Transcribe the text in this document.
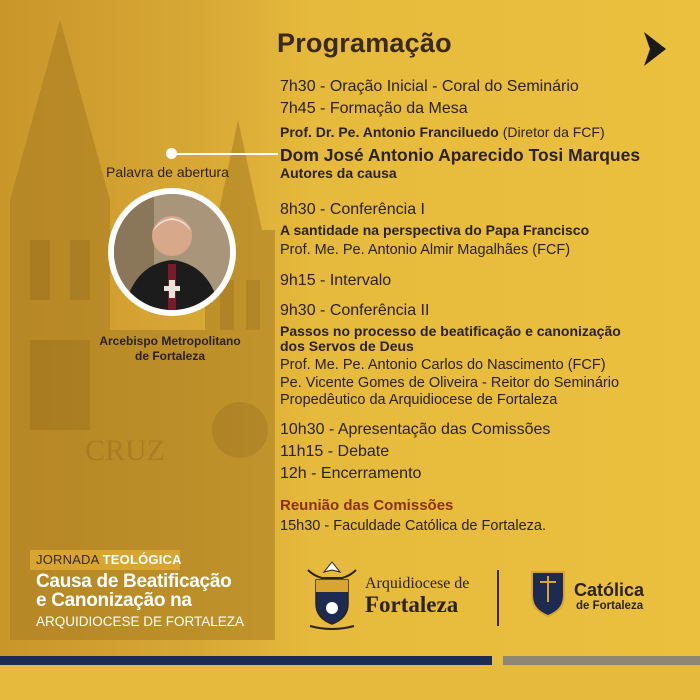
CRUZ
Programação
7h30 - Oração Inicial - Coral do Seminário
7h45 - Formação da Mesa
Prof. Dr. Pe. Antonio Franciluedo (Diretor da FCF)
Dom José Antonio Aparecido Tosi Marques
Autores da causa
8h30 - Conferência I
A santidade na perspectiva do Papa Francisco
Prof. Me. Pe. Antonio Almir Magalhães (FCF)
9h15 - Intervalo
9h30 - Conferência II
Passos no processo de beatificação e canonização
dos Servos de Deus
Prof. Me. Pe. Antonio Carlos do Nascimento (FCF)
Pe. Vicente Gomes de Oliveira - Reitor do Seminário
Propedêutico da Arquidiocese de Fortaleza
10h30 - Apresentação das Comissões
11h15 - Debate
12h - Encerramento
Reunião das Comissões
15h30 - Faculdade Católica de Fortaleza.
Palavra de abertura
Arcebispo Metropolitano
de Fortaleza
JORNADA TEOLÓGICA
Causa de Beatificação
e Canonização na
ARQUIDIOCESE DE FORTALEZA
Arquidiocese de
Fortaleza
Católica
de Fortaleza
